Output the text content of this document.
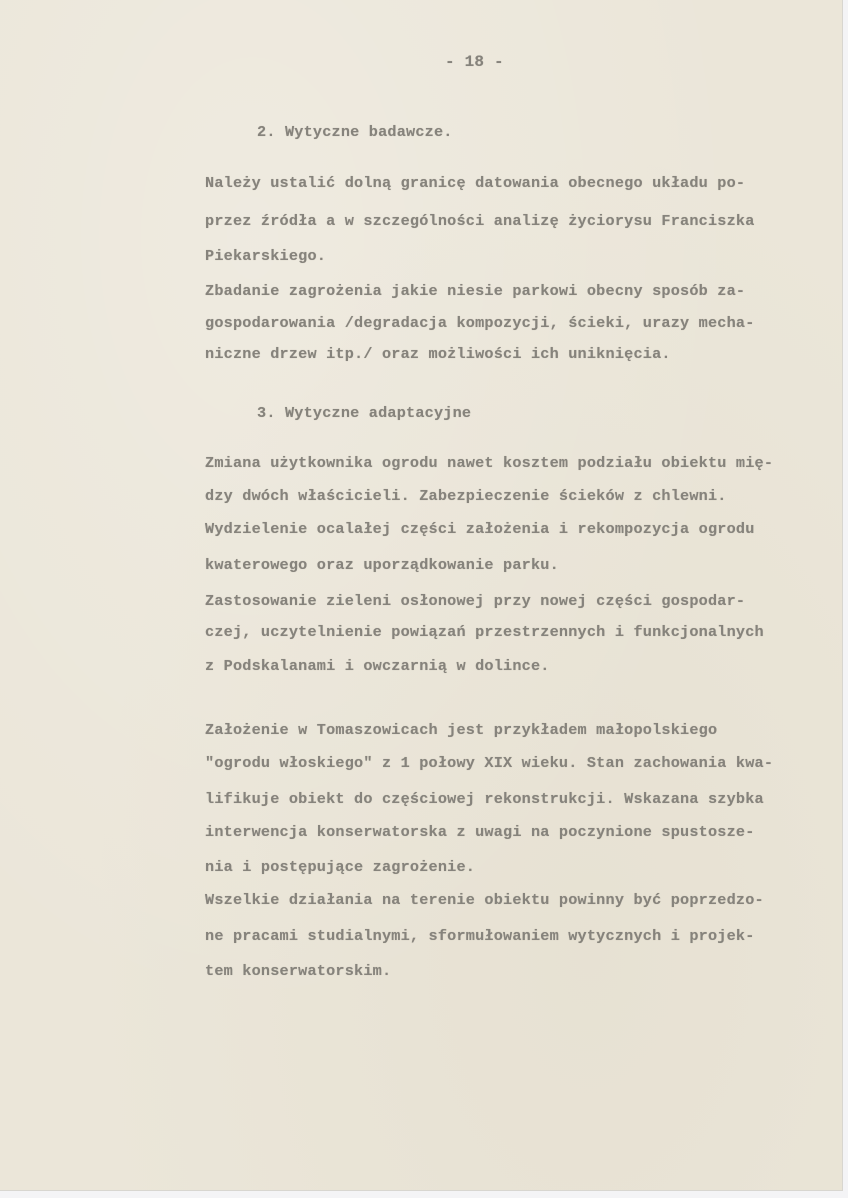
- 18 -
2. Wytyczne badawcze.
Należy ustalić dolną granicę datowania obecnego układu po-
przez źródła a w szczególności analizę życiorysu Franciszka
Piekarskiego.
Zbadanie zagrożenia jakie niesie parkowi obecny sposób za-
gospodarowania /degradacja kompozycji, ścieki, urazy mecha-
niczne drzew itp./ oraz możliwości ich uniknięcia.
3. Wytyczne adaptacyjne
Zmiana użytkownika ogrodu nawet kosztem podziału obiektu mię-
dzy dwóch właścicieli. Zabezpieczenie ścieków z chlewni.
Wydzielenie ocalałej części założenia i rekompozycja ogrodu
kwaterowego oraz uporządkowanie parku.
Zastosowanie zieleni osłonowej przy nowej części gospodar-
czej, uczytelnienie powiązań przestrzennych i funkcjonalnych
z Podskalanami i owczarnią w dolince.
Założenie w Tomaszowicach jest przykładem małopolskiego
"ogrodu włoskiego" z 1 połowy XIX wieku. Stan zachowania kwa-
lifikuje obiekt do częściowej rekonstrukcji. Wskazana szybka
interwencja konserwatorska z uwagi na poczynione spustosze-
nia i postępujące zagrożenie.
Wszelkie działania na terenie obiektu powinny być poprzedzo-
ne pracami studialnymi, sformułowaniem wytycznych i projek-
tem konserwatorskim.
